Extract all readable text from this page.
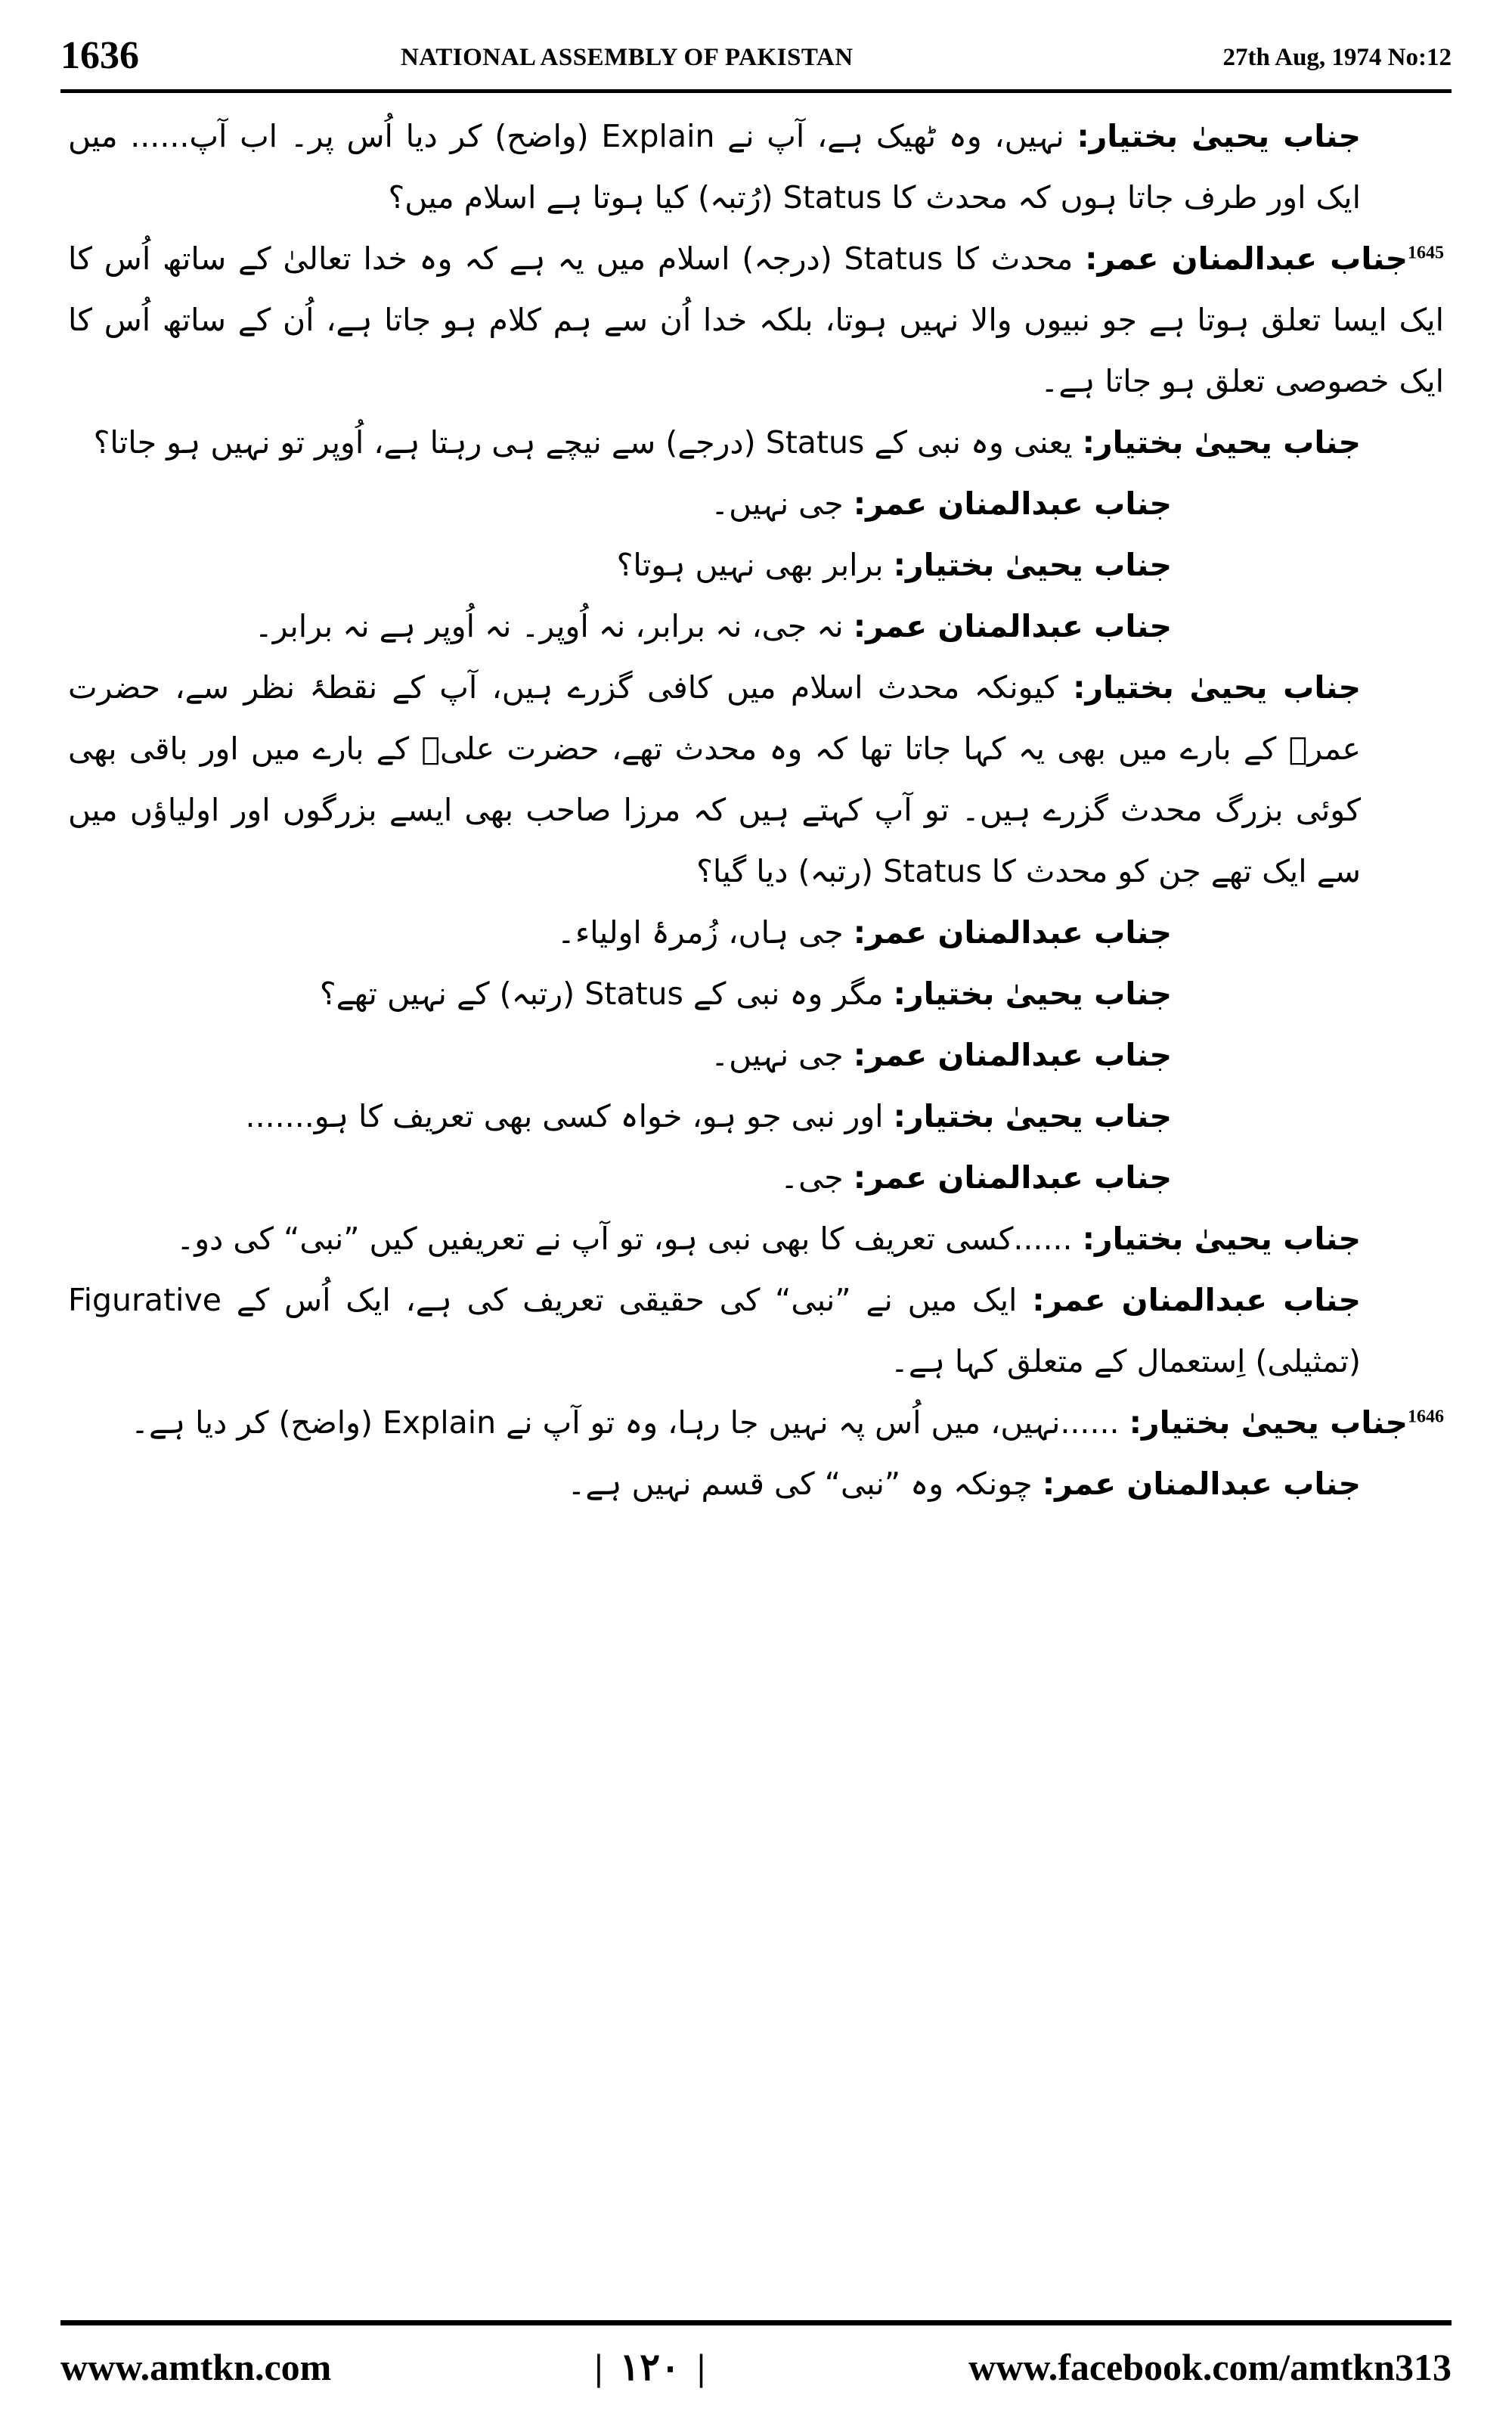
1636	NATIONAL ASSEMBLY OF PAKISTAN	27th Aug, 1974 No:12

جناب یحییٰ بختیار: نہیں، وہ ٹھیک ہے، آپ نے Explain (واضح) کر دیا اُس پر۔ اب آپ...... میں ایک اور طرف جاتا ہوں کہ محدث کا Status (رُتبہ) کیا ہوتا ہے اسلام میں؟

$^{1645}$جناب عبدالمنان عمر: محدث کا Status (درجہ) اسلام میں یہ ہے کہ وہ خدا تعالیٰ کے ساتھ اُس کا ایک ایسا تعلق ہوتا ہے جو نبیوں والا نہیں ہوتا، بلکہ خدا اُن سے ہم کلام ہو جاتا ہے، اُن کے ساتھ اُس کا ایک خصوصی تعلق ہو جاتا ہے۔

جناب یحییٰ بختیار: یعنی وہ نبی کے Status (درجے) سے نیچے ہی رہتا ہے، اُوپر تو نہیں ہو جاتا؟

جناب عبدالمنان عمر: جی نہیں۔

جناب یحییٰ بختیار: برابر بھی نہیں ہوتا؟

جناب عبدالمنان عمر: نہ جی، نہ برابر، نہ اُوپر۔ نہ اُوپر ہے نہ برابر۔

جناب یحییٰ بختیار: کیونکہ محدث اسلام میں کافی گزرے ہیں، آپ کے نقطۂ نظر سے، حضرت عمرؓ کے بارے میں بھی یہ کہا جاتا تھا کہ وہ محدث تھے، حضرت علیؓ کے بارے میں اور باقی بھی کوئی بزرگ محدث گزرے ہیں۔ تو آپ کہتے ہیں کہ مرزا صاحب بھی ایسے بزرگوں اور اولیاؤں میں سے ایک تھے جن کو محدث کا Status (رتبہ) دیا گیا؟

جناب عبدالمنان عمر: جی ہاں، زُمرۂ اولیاء۔

جناب یحییٰ بختیار: مگر وہ نبی کے Status (رتبہ) کے نہیں تھے؟

جناب عبدالمنان عمر: جی نہیں۔

جناب یحییٰ بختیار: اور نبی جو ہو، خواہ کسی بھی تعریف کا ہو.......

جناب عبدالمنان عمر: جی۔

جناب یحییٰ بختیار: ......کسی تعریف کا بھی نبی ہو، تو آپ نے تعریفیں کیں ”نبی“ کی دو۔

جناب عبدالمنان عمر: ایک میں نے ”نبی“ کی حقیقی تعریف کی ہے، ایک اُس کے Figurative (تمثیلی) اِستعمال کے متعلق کہا ہے۔

$^{1646}$جناب یحییٰ بختیار: ......نہیں، میں اُس پہ نہیں جا رہا، وہ تو آپ نے Explain (واضح) کر دیا ہے۔

جناب عبدالمنان عمر: چونکہ وہ ”نبی“ کی قسم نہیں ہے۔

www.amtkn.com	| ۱۲۰ |	www.facebook.com/amtkn313
